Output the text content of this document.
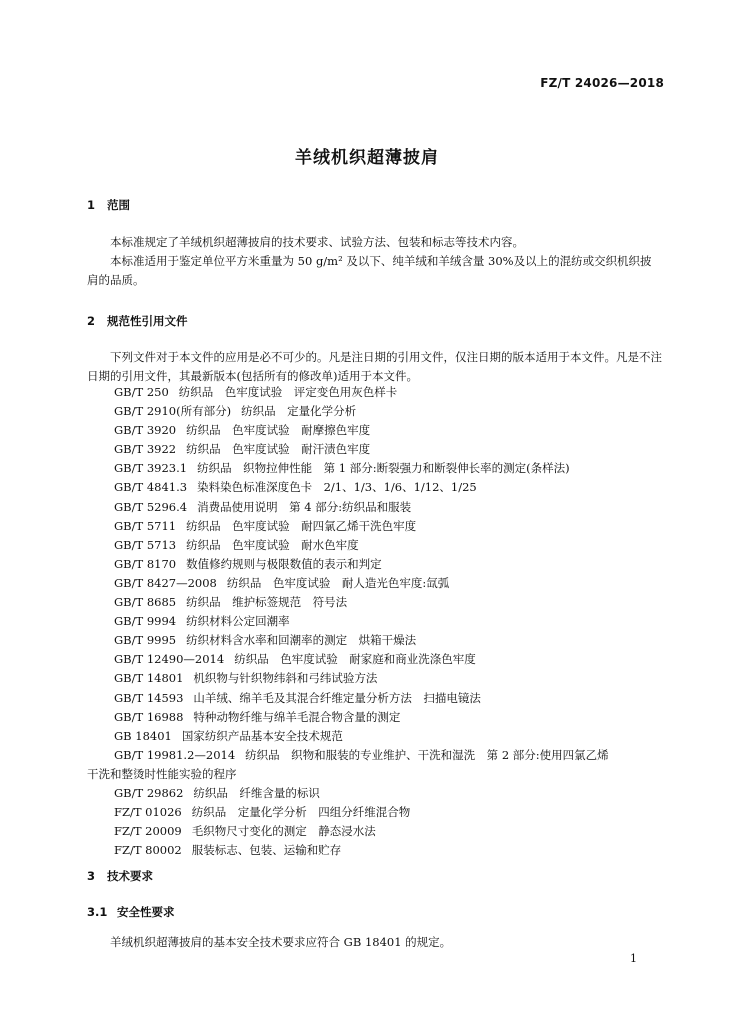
FZ/T 24026—2018
羊绒机织超薄披肩
1 范围
本标准规定了羊绒机织超薄披肩的技术要求、试验方法、包装和标志等技术内容。
本标准适用于鉴定单位平方米重量为 50 g/m² 及以下、纯羊绒和羊绒含量 30%及以上的混纺或交织机织披肩的品质。
2 规范性引用文件
下列文件对于本文件的应用是必不可少的。凡是注日期的引用文件，仅注日期的版本适用于本文件。凡是不注日期的引用文件，其最新版本(包括所有的修改单)适用于本文件。
GB/T 250 纺织品　色牢度试验　评定变色用灰色样卡
GB/T 2910(所有部分) 纺织品　定量化学分析
GB/T 3920 纺织品　色牢度试验　耐摩擦色牢度
GB/T 3922 纺织品　色牢度试验　耐汗渍色牢度
GB/T 3923.1 纺织品　织物拉伸性能　第 1 部分:断裂强力和断裂伸长率的测定(条样法)
GB/T 4841.3 染料染色标准深度色卡　2/1、1/3、1/6、1/12、1/25
GB/T 5296.4 消费品使用说明　第 4 部分:纺织品和服装
GB/T 5711 纺织品　色牢度试验　耐四氯乙烯干洗色牢度
GB/T 5713 纺织品　色牢度试验　耐水色牢度
GB/T 8170 数值修约规则与极限数值的表示和判定
GB/T 8427—2008 纺织品　色牢度试验　耐人造光色牢度:氙弧
GB/T 8685 纺织品　维护标签规范　符号法
GB/T 9994 纺织材料公定回潮率
GB/T 9995 纺织材料含水率和回潮率的测定　烘箱干燥法
GB/T 12490—2014 纺织品　色牢度试验　耐家庭和商业洗涤色牢度
GB/T 14801 机织物与针织物纬斜和弓纬试验方法
GB/T 14593 山羊绒、绵羊毛及其混合纤维定量分析方法　扫描电镜法
GB/T 16988 特种动物纤维与绵羊毛混合物含量的测定
GB 18401 国家纺织产品基本安全技术规范
GB/T 19981.2—2014 纺织品　织物和服装的专业维护、干洗和湿洗　第 2 部分:使用四氯乙烯
干洗和整烫时性能实验的程序
GB/T 29862 纺织品　纤维含量的标识
FZ/T 01026 纺织品　定量化学分析　四组分纤维混合物
FZ/T 20009 毛织物尺寸变化的测定　静态浸水法
FZ/T 80002 服装标志、包装、运输和贮存
3 技术要求
3.1 安全性要求
羊绒机织超薄披肩的基本安全技术要求应符合 GB 18401 的规定。
1
